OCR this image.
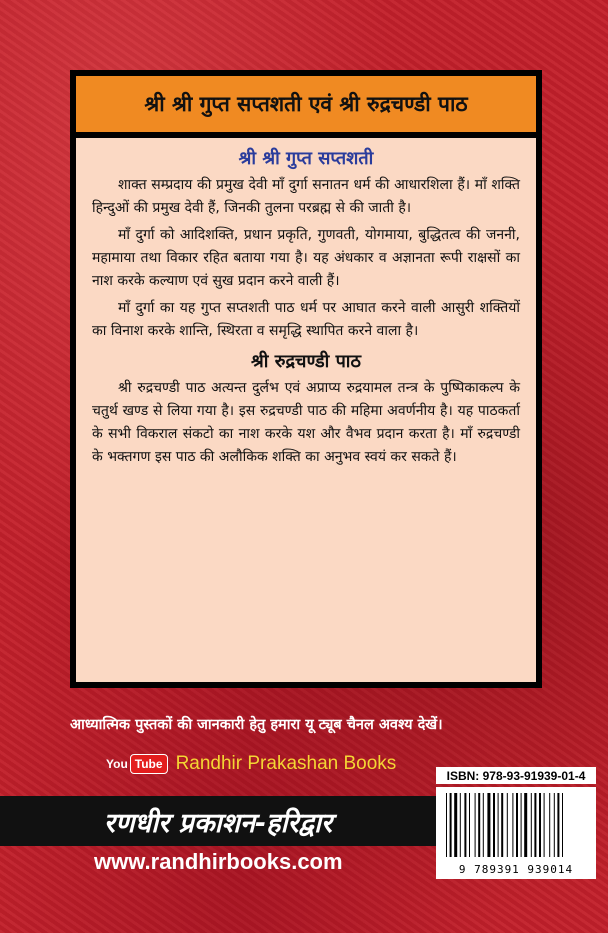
श्री श्री गुप्त सप्तशती एवं श्री रुद्रचण्डी पाठ
श्री श्री गुप्त सप्तशती

शाक्त सम्प्रदाय की प्रमुख देवी माँ दुर्गा सनातन धर्म की आधारशिला हैं। माँ शक्ति हिन्दुओं की प्रमुख देवी हैं, जिनकी तुलना परब्रह्म से की जाती है।

माँ दुर्गा को आदिशक्ति, प्रधान प्रकृति, गुणवती, योगमाया, बुद्धितत्व की जननी, महामाया तथा विकार रहित बताया गया है। यह अंधकार व अज्ञानता रूपी राक्षसों का नाश करके कल्याण एवं सुख प्रदान करने वाली हैं।

माँ दुर्गा का यह गुप्त सप्तशती पाठ धर्म पर आघात करने वाली आसुरी शक्तियों का विनाश करके शान्ति, स्थिरता व समृद्धि स्थापित करने वाला है।

श्री रुद्रचण्डी पाठ

श्री रुद्रचण्डी पाठ अत्यन्त दुर्लभ एवं अप्राप्य रुद्रयामल तन्त्र के पुष्पिकाकल्प के चतुर्थ खण्ड से लिया गया है। इस रुद्रचण्डी पाठ की महिमा अवर्णनीय है। यह पाठकर्ता के सभी विकराल संकटो का नाश करके यश और वैभव प्रदान करता है। माँ रुद्रचण्डी के भक्तगण इस पाठ की अलौकिक शक्ति का अनुभव स्वयं कर सकते हैं।

आध्यात्मिक पुस्तकों की जानकारी हेतु हमारा यू ट्यूब चैनल अवश्य देखें।
You Tube Randhir Prakashan Books
ISBN: 978-93-91939-01-4
9 789391 939014
रणधीर प्रकाशन-हरिद्वार
www.randhirbooks.com
